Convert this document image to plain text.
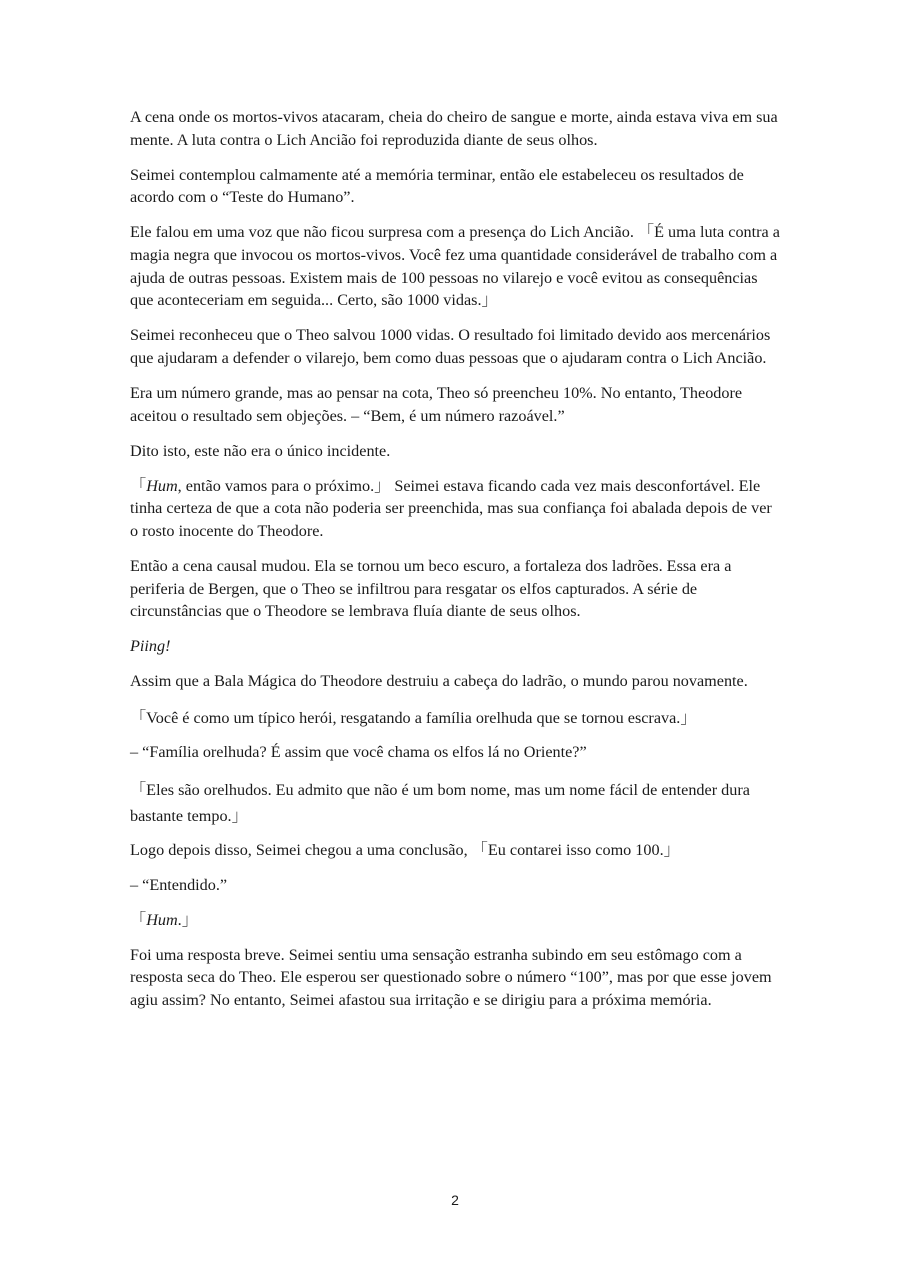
A cena onde os mortos-vivos atacaram, cheia do cheiro de sangue e morte, ainda estava viva em sua mente. A luta contra o Lich Ancião foi reproduzida diante de seus olhos.

Seimei contemplou calmamente até a memória terminar, então ele estabeleceu os resultados de acordo com o “Teste do Humano”.

Ele falou em uma voz que não ficou surpresa com a presença do Lich Ancião. 「É uma luta contra a magia negra que invocou os mortos-vivos. Você fez uma quantidade considerável de trabalho com a ajuda de outras pessoas. Existem mais de 100 pessoas no vilarejo e você evitou as consequências que aconteceriam em seguida... Certo, são 1000 vidas.」

Seimei reconheceu que o Theo salvou 1000 vidas. O resultado foi limitado devido aos mercenários que ajudaram a defender o vilarejo, bem como duas pessoas que o ajudaram contra o Lich Ancião.

Era um número grande, mas ao pensar na cota, Theo só preencheu 10%. No entanto, Theodore aceitou o resultado sem objeções. – “Bem, é um número razoável.”

Dito isto, este não era o único incidente.

「Hum, então vamos para o próximo.」 Seimei estava ficando cada vez mais desconfortável. Ele tinha certeza de que a cota não poderia ser preenchida, mas sua confiança foi abalada depois de ver o rosto inocente do Theodore.

Então a cena causal mudou. Ela se tornou um beco escuro, a fortaleza dos ladrões. Essa era a periferia de Bergen, que o Theo se infiltrou para resgatar os elfos capturados. A série de circunstâncias que o Theodore se lembrava fluía diante de seus olhos.

Piing!

Assim que a Bala Mágica do Theodore destruiu a cabeça do ladrão, o mundo parou novamente.

「Você é como um típico herói, resgatando a família orelhuda que se tornou escrava.」

– “Família orelhuda? É assim que você chama os elfos lá no Oriente?”

「Eles são orelhudos. Eu admito que não é um bom nome, mas um nome fácil de entender dura bastante tempo.」

Logo depois disso, Seimei chegou a uma conclusão, 「Eu contarei isso como 100.」

– “Entendido.”

「Hum.」

Foi uma resposta breve. Seimei sentiu uma sensação estranha subindo em seu estômago com a resposta seca do Theo. Ele esperou ser questionado sobre o número “100”, mas por que esse jovem agiu assim? No entanto, Seimei afastou sua irritação e se dirigiu para a próxima memória.

2
